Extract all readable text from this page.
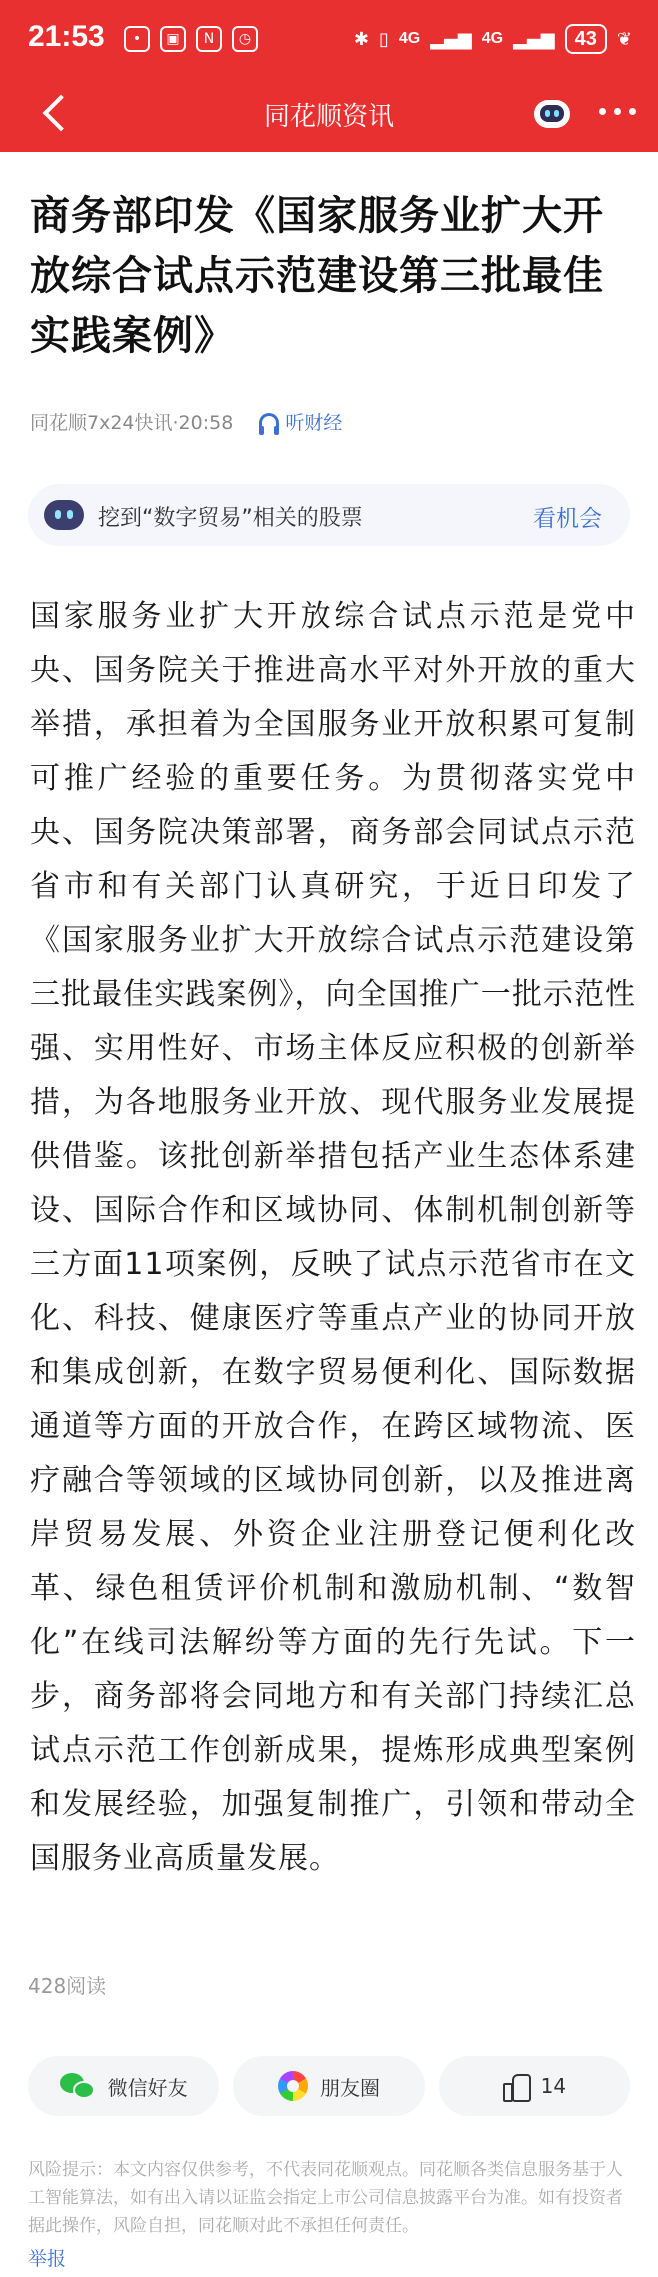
21:53	•	▣	N	◷	✱ ▯ 4G ▂▄▆ 4G ▂▄▆	43	❦
同花顺资讯
商务部印发《国家服务业扩大开放综合试点示范建设第三批最佳实践案例》
同花顺7x24快讯·20:58	听财经
挖到“数字贸易”相关的股票	看机会
国家服务业扩大开放综合试点示范是党中央、国务院关于推进高水平对外开放的重大举措，承担着为全国服务业开放积累可复制可推广经验的重要任务。为贯彻落实党中央、国务院决策部署，商务部会同试点示范省市和有关部门认真研究，于近日印发了《国家服务业扩大开放综合试点示范建设第三批最佳实践案例》，向全国推广一批示范性强、实用性好、市场主体反应积极的创新举措，为各地服务业开放、现代服务业发展提供借鉴。该批创新举措包括产业生态体系建设、国际合作和区域协同、体制机制创新等三方面11项案例，反映了试点示范省市在文化、科技、健康医疗等重点产业的协同开放和集成创新，在数字贸易便利化、国际数据通道等方面的开放合作，在跨区域物流、医疗融合等领域的区域协同创新，以及推进离岸贸易发展、外资企业注册登记便利化改革、绿色租赁评价机制和激励机制、“数智化”在线司法解纷等方面的先行先试。下一步，商务部将会同地方和有关部门持续汇总试点示范工作创新成果，提炼形成典型案例和发展经验，加强复制推广，引领和带动全国服务业高质量发展。
428阅读
微信好友	朋友圈	14
风险提示：本文内容仅供参考，不代表同花顺观点。同花顺各类信息服务基于人工智能算法，如有出入请以证监会指定上市公司信息披露平台为准。如有投资者据此操作，风险自担，同花顺对此不承担任何责任。
举报
